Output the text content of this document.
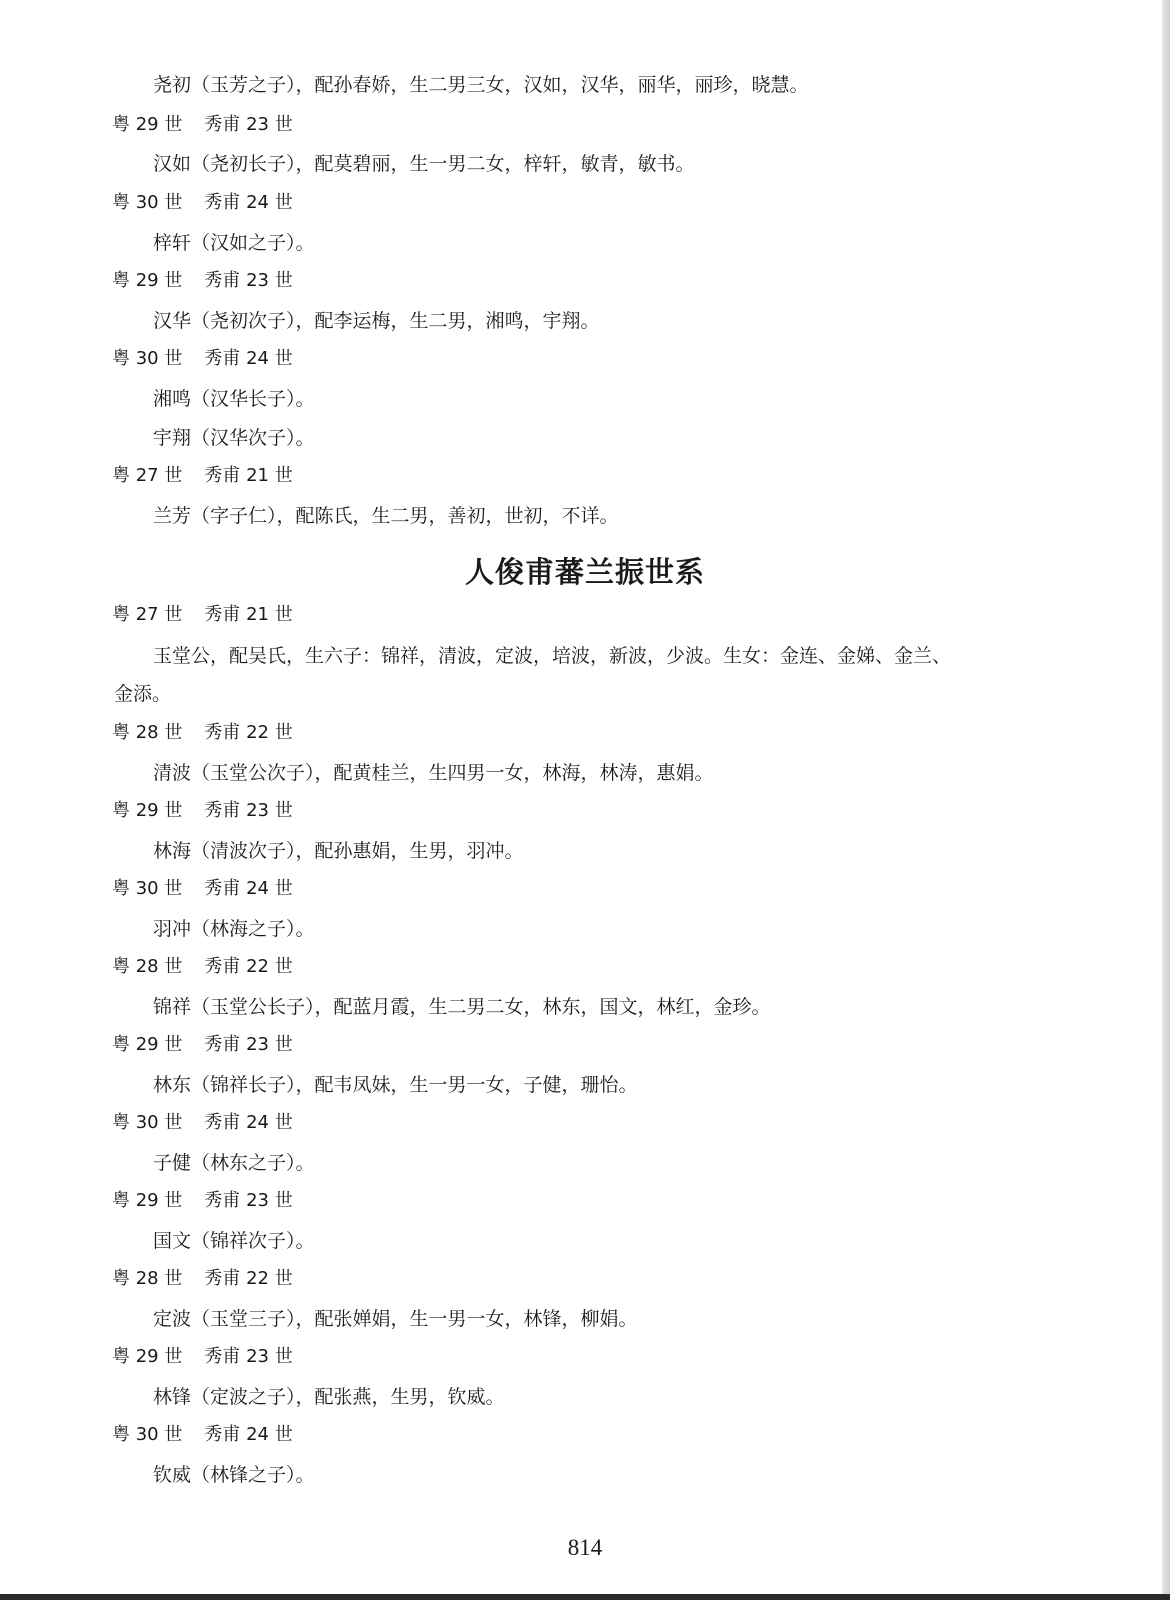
尧初（玉芳之子），配孙春娇，生二男三女，汉如，汉华，丽华，丽珍，晓慧。
粤 29 世 秀甫 23 世
汉如（尧初长子），配莫碧丽，生一男二女，梓轩，敏青，敏书。
粤 30 世 秀甫 24 世
梓轩（汉如之子）。
粤 29 世 秀甫 23 世
汉华（尧初次子），配李运梅，生二男，湘鸣，宇翔。
粤 30 世 秀甫 24 世
湘鸣（汉华长子）。
宇翔（汉华次子）。
粤 27 世 秀甫 21 世
兰芳（字子仁），配陈氏，生二男，善初，世初，不详。
人俊甫蕃兰振世系
粤 27 世 秀甫 21 世
玉堂公，配吴氏，生六子：锦祥，清波，定波，培波，新波，少波。生女：金连、金娣、金兰、
金添。
粤 28 世 秀甫 22 世
清波（玉堂公次子），配黄桂兰，生四男一女，林海，林涛，惠娟。
粤 29 世 秀甫 23 世
林海（清波次子），配孙惠娟，生男，羽冲。
粤 30 世 秀甫 24 世
羽冲（林海之子）。
粤 28 世 秀甫 22 世
锦祥（玉堂公长子），配蓝月霞，生二男二女，林东，国文，林红，金珍。
粤 29 世 秀甫 23 世
林东（锦祥长子），配韦凤妹，生一男一女，子健，珊怡。
粤 30 世 秀甫 24 世
子健（林东之子）。
粤 29 世 秀甫 23 世
国文（锦祥次子）。
粤 28 世 秀甫 22 世
定波（玉堂三子），配张婵娟，生一男一女，林锋，柳娟。
粤 29 世 秀甫 23 世
林锋（定波之子），配张燕，生男，钦威。
粤 30 世 秀甫 24 世
钦威（林锋之子）。
814
